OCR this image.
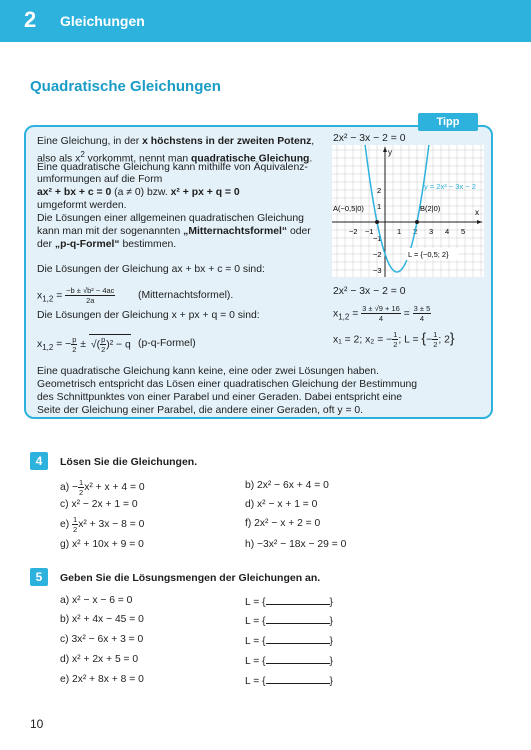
2 Gleichungen
Quadratische Gleichungen
Tipp
Eine Gleichung, in der x höchstens in der zweiten Potenz,
also als $x^2$ vorkommt, nennt man quadratische Gleichung.
Eine quadratische Gleichung kann mithilfe von Äquivalenz-
umformungen auf die Form
ax² + bx + c = 0 (a ≠ 0) bzw. x² + px + q = 0
umgeformt werden.
Die Lösungen einer allgemeinen quadratischen Gleichung
kann man mit der sogenannten „Mitternachtsformel“ oder
der „p-q-Formel“ bestimmen.
Die Lösungen der Gleichung ax + bx + c = 0 sind:
$x_{1,2} = \frac{\text{−b ± √b² − 4ac}}{2a}$ (Mitternachtsformel).
Die Lösungen der Gleichung x + px + q = 0 sind:
$x_{1,2}$ = − $\frac{p}{2}$ ± √( $\frac{p}{2} )^2 - q$ (p-q-Formel)
2x² − 3x − 2 = 0
2x² − 3x − 2 = 0
$x_{1,2} = \frac{3 \pm √9 + 16}{4} = \frac{3 \pm 5}{4}$
x₁ = 2; x₂ = − $\frac{1}{2}$ ; L = {− $\frac{1}{2}$ ; 2}
Eine quadratische Gleichung kann keine, eine oder zwei Lösungen haben.
Geometrisch entspricht das Lösen einer quadratischen Gleichung der Bestimmung
des Schnittpunktes von einer Parabel und einer Geraden. Dabei entspricht eine
Seite der Gleichung einer Parabel, die andere einer Geraden, oft y = 0.
x
y
−2 −1	1 2 3 4 5
2
1
−1
−2
−3
A(−0,5|0)	B(2|0)
y = 2x² − 3x − 2
L = {−0,5; 2}
4	Lösen Sie die Gleichungen.
$a) - \frac{1}{2} x^2 + x + 4 = 0$	b) 2x² − 6x + 4 = 0
c) x² − 2x + 1 = 0	d) x² − x + 1 = 0
$e) \frac{1}{2} x^2 + 3x - 8 = 0$	f) 2x² − x + 2 = 0
g) x² + 10x + 9 = 0	h) −3x² − 18x − 29 = 0
5	Geben Sie die Lösungsmengen der Gleichungen an.
a) x² − x − 6 = 0	L = {	}
b) x² + 4x − 45 = 0	L = {	}
c) 3x² − 6x + 3 = 0	L = {	}
d) x² + 2x + 5 = 0	L = {	}
e) 2x² + 8x + 8 = 0	L = {	}
10
